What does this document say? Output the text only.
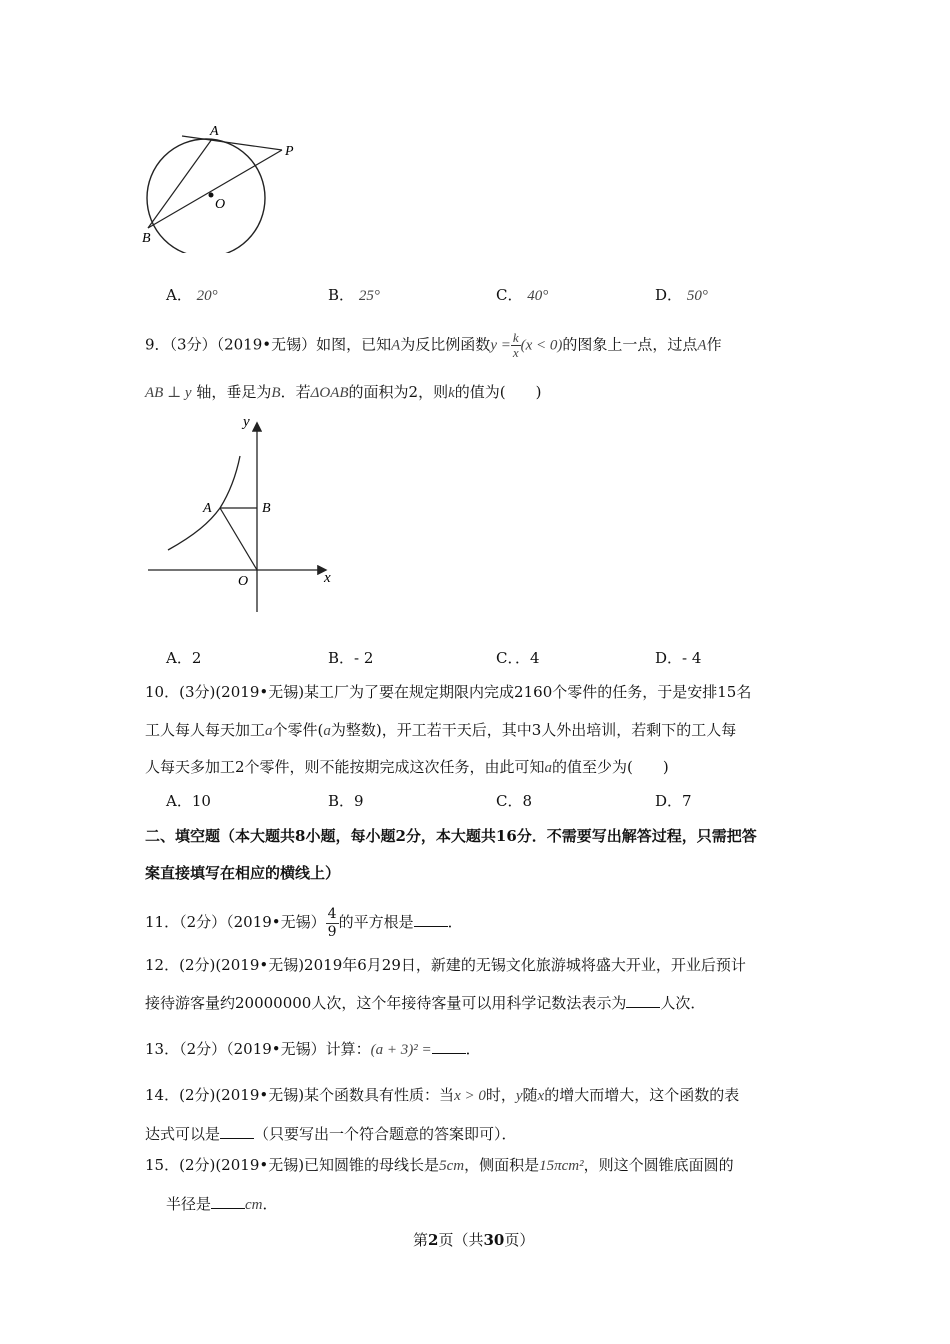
A
P
O
B
A． 20°	B． 25°	C． 40°	D． 50°
9．（3分）（2019•无锡）如图，已知A为反比例函数$y = \frac{k}{x} (x < 0)$的图象上一点，过点A作
AB ⊥ y 轴，垂足为B．若ΔOAB的面积为2，则k的值为(　　)
y
A	B
O	x
A．2	B．- 2	C．．4	D．- 4
10．(3分)(2019•无锡)某工厂为了要在规定期限内完成2160个零件的任务，于是安排15名
工人每人每天加工a个零件(a为整数)，开工若干天后，其中3人外出培训，若剩下的工人每
人每天多加工2个零件，则不能按期完成这次任务，由此可知a的值至少为(　　)
A．10	B．9	C．8	D．7
二、填空题（本大题共8小题，每小题2分，本大题共16分．不需要写出解答过程，只需把答
案直接填写在相应的横线上）
11．（2分）（2019•无锡） $\frac{4}{9}$ 的平方根是 ．
12．(2分)(2019•无锡)2019年6月29日，新建的无锡文化旅游城将盛大开业，开业后预计
接待游客量约20000000人次，这个年接待客量可以用科学记数法表示为 人次．
13．（2分）（2019•无锡）计算：(a + 3)² = ．
14．(2分)(2019•无锡)某个函数具有性质：当x > 0时，y随x的增大而增大，这个函数的表
达式可以是 （只要写出一个符合题意的答案即可）．
15．(2分)(2019•无锡)已知圆锥的母线长是5cm，侧面积是15πcm²，则这个圆锥底面圆的
半径是 cm．
第2页（共30页）
